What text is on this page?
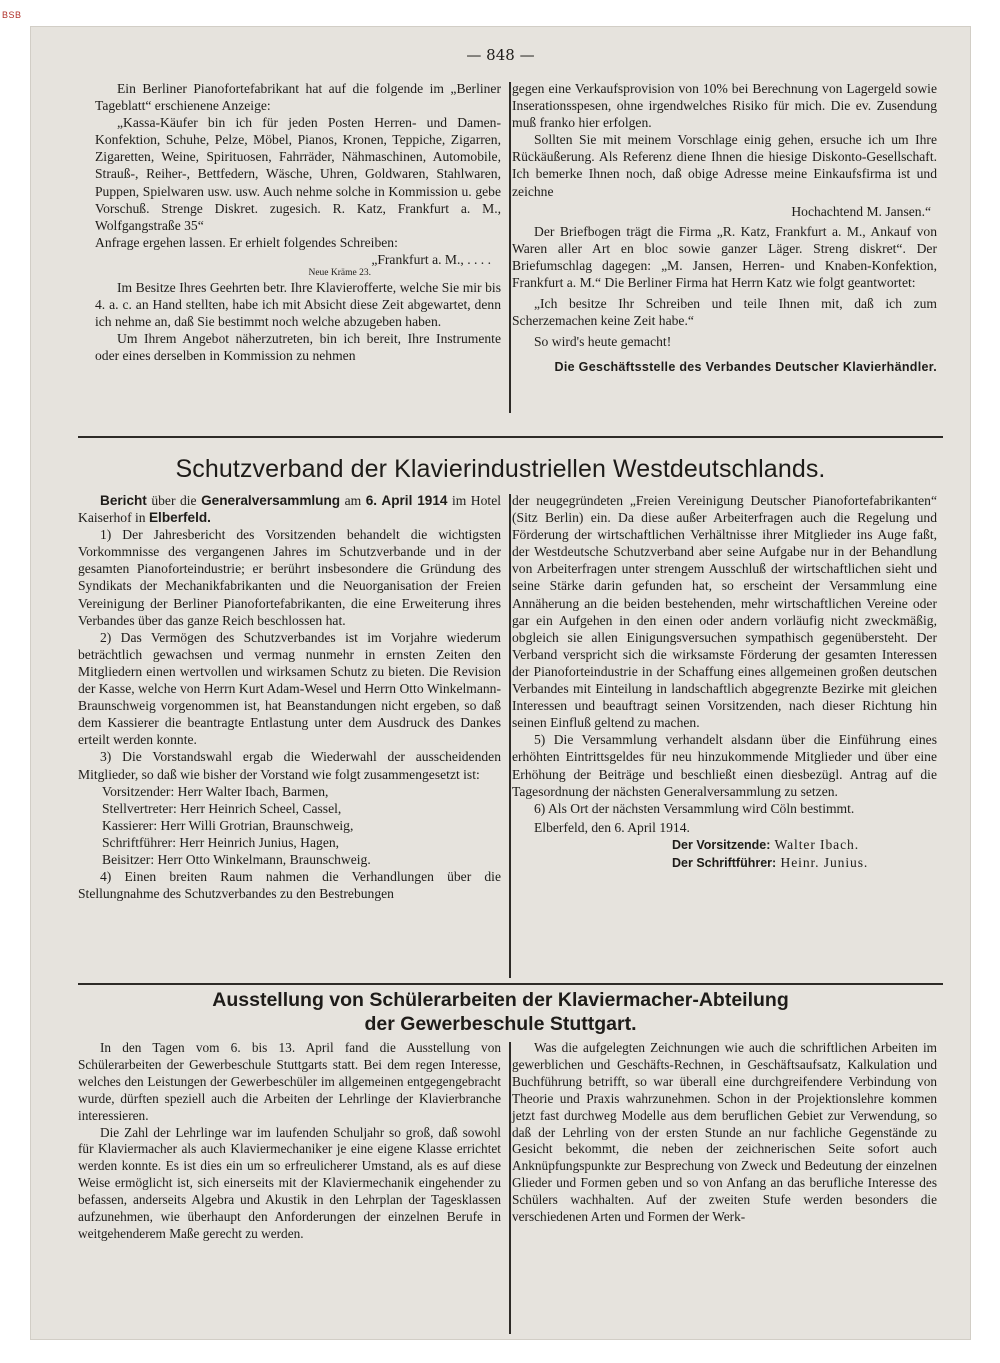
BSB
— 848 —

Ein Berliner Pianofortefabrikant hat auf die folgende im „Berliner Tageblatt“ erschienene Anzeige:

„Kassa-Käufer bin ich für jeden Posten Herren- und Damen-Konfektion, Schuhe, Pelze, Möbel, Pianos, Kronen, Teppiche, Zigarren, Zigaretten, Weine, Spirituosen, Fahrräder, Nähmaschinen, Automobile, Strauß-, Reiher-, Bettfedern, Wäsche, Uhren, Goldwaren, Stahlwaren, Puppen, Spielwaren usw. usw. Auch nehme solche in Kommission u. gebe Vorschuß. Strenge Diskret. zugesich. R. Katz, Frankfurt a. M., Wolfgangstraße 35“

Anfrage ergehen lassen. Er erhielt folgendes Schreiben:

„Frankfurt a. M., . . . .

Neue Kräme 23.

Im Besitze Ihres Geehrten betr. Ihre Klavierofferte, welche Sie mir bis 4. a. c. an Hand stellten, habe ich mit Absicht diese Zeit abgewartet, denn ich nehme an, daß Sie bestimmt noch welche abzugeben haben.

Um Ihrem Angebot näherzutreten, bin ich bereit, Ihre Instrumente oder eines derselben in Kommission zu nehmen

gegen eine Verkaufsprovision von 10% bei Berechnung von Lagergeld sowie Inserationsspesen, ohne irgendwelches Risiko für mich. Die ev. Zusendung muß franko hier erfolgen.

Sollten Sie mit meinem Vorschlage einig gehen, ersuche ich um Ihre Rückäußerung. Als Referenz diene Ihnen die hiesige Diskonto-Gesellschaft. Ich bemerke Ihnen noch, daß obige Adresse meine Einkaufsfirma ist und zeichne

Hochachtend M. Jansen.“

Der Briefbogen trägt die Firma „R. Katz, Frankfurt a. M., Ankauf von Waren aller Art en bloc sowie ganzer Läger. Streng diskret“. Der Briefumschlag dagegen: „M. Jansen, Herren- und Knaben-Konfektion, Frankfurt a. M.“ Die Berliner Firma hat Herrn Katz wie folgt geantwortet:

„Ich besitze Ihr Schreiben und teile Ihnen mit, daß ich zum Scherzemachen keine Zeit habe.“

So wird's heute gemacht!

Die Geschäftsstelle des Verbandes Deutscher Klavierhändler.

Schutzverband der Klavierindustriellen Westdeutschlands.

Bericht über die Generalversammlung am 6. April 1914 im Hotel Kaiserhof in Elberfeld.

1) Der Jahresbericht des Vorsitzenden behandelt die wichtigsten Vorkommnisse des vergangenen Jahres im Schutzverbande und in der gesamten Pianoforteindustrie; er berührt insbesondere die Gründung des Syndikats der Mechanikfabrikanten und die Neuorganisation der Freien Vereinigung der Berliner Pianofortefabrikanten, die eine Erweiterung ihres Verbandes über das ganze Reich beschlossen hat.

2) Das Vermögen des Schutzverbandes ist im Vorjahre wiederum beträchtlich gewachsen und vermag nunmehr in ernsten Zeiten den Mitgliedern einen wertvollen und wirksamen Schutz zu bieten. Die Revision der Kasse, welche von Herrn Kurt Adam-Wesel und Herrn Otto Winkelmann-Braunschweig vorgenommen ist, hat Beanstandungen nicht ergeben, so daß dem Kassierer die beantragte Entlastung unter dem Ausdruck des Dankes erteilt werden konnte.

3) Die Vorstandswahl ergab die Wiederwahl der ausscheidenden Mitglieder, so daß wie bisher der Vorstand wie folgt zusammengesetzt ist:

Vorsitzender: Herr Walter Ibach, Barmen,

Stellvertreter: Herr Heinrich Scheel, Cassel,

Kassierer: Herr Willi Grotrian, Braunschweig,

Schriftführer: Herr Heinrich Junius, Hagen,

Beisitzer: Herr Otto Winkelmann, Braunschweig.

4) Einen breiten Raum nahmen die Verhandlungen über die Stellungnahme des Schutzverbandes zu den Bestrebungen

der neugegründeten „Freien Vereinigung Deutscher Pianofortefabrikanten“ (Sitz Berlin) ein. Da diese außer Arbeiterfragen auch die Regelung und Förderung der wirtschaftlichen Verhältnisse ihrer Mitglieder ins Auge faßt, der Westdeutsche Schutzverband aber seine Aufgabe nur in der Behandlung von Arbeiterfragen unter strengem Ausschluß der wirtschaftlichen sieht und seine Stärke darin gefunden hat, so erscheint der Versammlung eine Annäherung an die beiden bestehenden, mehr wirtschaftlichen Vereine oder gar ein Aufgehen in den einen oder andern vorläufig nicht zweckmäßig, obgleich sie allen Einigungsversuchen sympathisch gegenübersteht. Der Verband verspricht sich die wirksamste Förderung der gesamten Interessen der Pianoforteindustrie in der Schaffung eines allgemeinen großen deutschen Verbandes mit Einteilung in landschaftlich abgegrenzte Bezirke mit gleichen Interessen und beauftragt seinen Vorsitzenden, nach dieser Richtung hin seinen Einfluß geltend zu machen.

5) Die Versammlung verhandelt alsdann über die Einführung eines erhöhten Eintrittsgeldes für neu hinzukommende Mitglieder und über eine Erhöhung der Beiträge und beschließt einen diesbezügl. Antrag auf die Tagesordnung der nächsten Generalversammlung zu setzen.

6) Als Ort der nächsten Versammlung wird Cöln bestimmt.

Elberfeld, den 6. April 1914.

Der Vorsitzende: Walter Ibach.

Der Schriftführer: Heinr. Junius.

Ausstellung von Schülerarbeiten der Klaviermacher-Abteilung
der Gewerbeschule Stuttgart.

In den Tagen vom 6. bis 13. April fand die Ausstellung von Schülerarbeiten der Gewerbeschule Stuttgarts statt. Bei dem regen Interesse, welches den Leistungen der Gewerbeschüler im allgemeinen entgegengebracht wurde, dürften speziell auch die Arbeiten der Lehrlinge der Klavierbranche interessieren.

Die Zahl der Lehrlinge war im laufenden Schuljahr so groß, daß sowohl für Klaviermacher als auch Klaviermechaniker je eine eigene Klasse errichtet werden konnte. Es ist dies ein um so erfreulicherer Umstand, als es auf diese Weise ermöglicht ist, sich einerseits mit der Klaviermechanik eingehender zu befassen, anderseits Algebra und Akustik in den Lehrplan der Tagesklassen aufzunehmen, wie überhaupt den Anforderungen der einzelnen Berufe in weitgehenderem Maße gerecht zu werden.

Was die aufgelegten Zeichnungen wie auch die schriftlichen Arbeiten im gewerblichen und Geschäfts-Rechnen, in Geschäftsaufsatz, Kalkulation und Buchführung betrifft, so war überall eine durchgreifendere Verbindung von Theorie und Praxis wahrzunehmen. Schon in der Projektionslehre kommen jetzt fast durchweg Modelle aus dem beruflichen Gebiet zur Verwendung, so daß der Lehrling von der ersten Stunde an nur fachliche Gegenstände zu Gesicht bekommt, die neben der zeichnerischen Seite sofort auch Anknüpfungspunkte zur Besprechung von Zweck und Bedeutung der einzelnen Glieder und Formen geben und so von Anfang an das berufliche Interesse des Schülers wachhalten. Auf der zweiten Stufe werden besonders die verschiedenen Arten und Formen der Werk-
